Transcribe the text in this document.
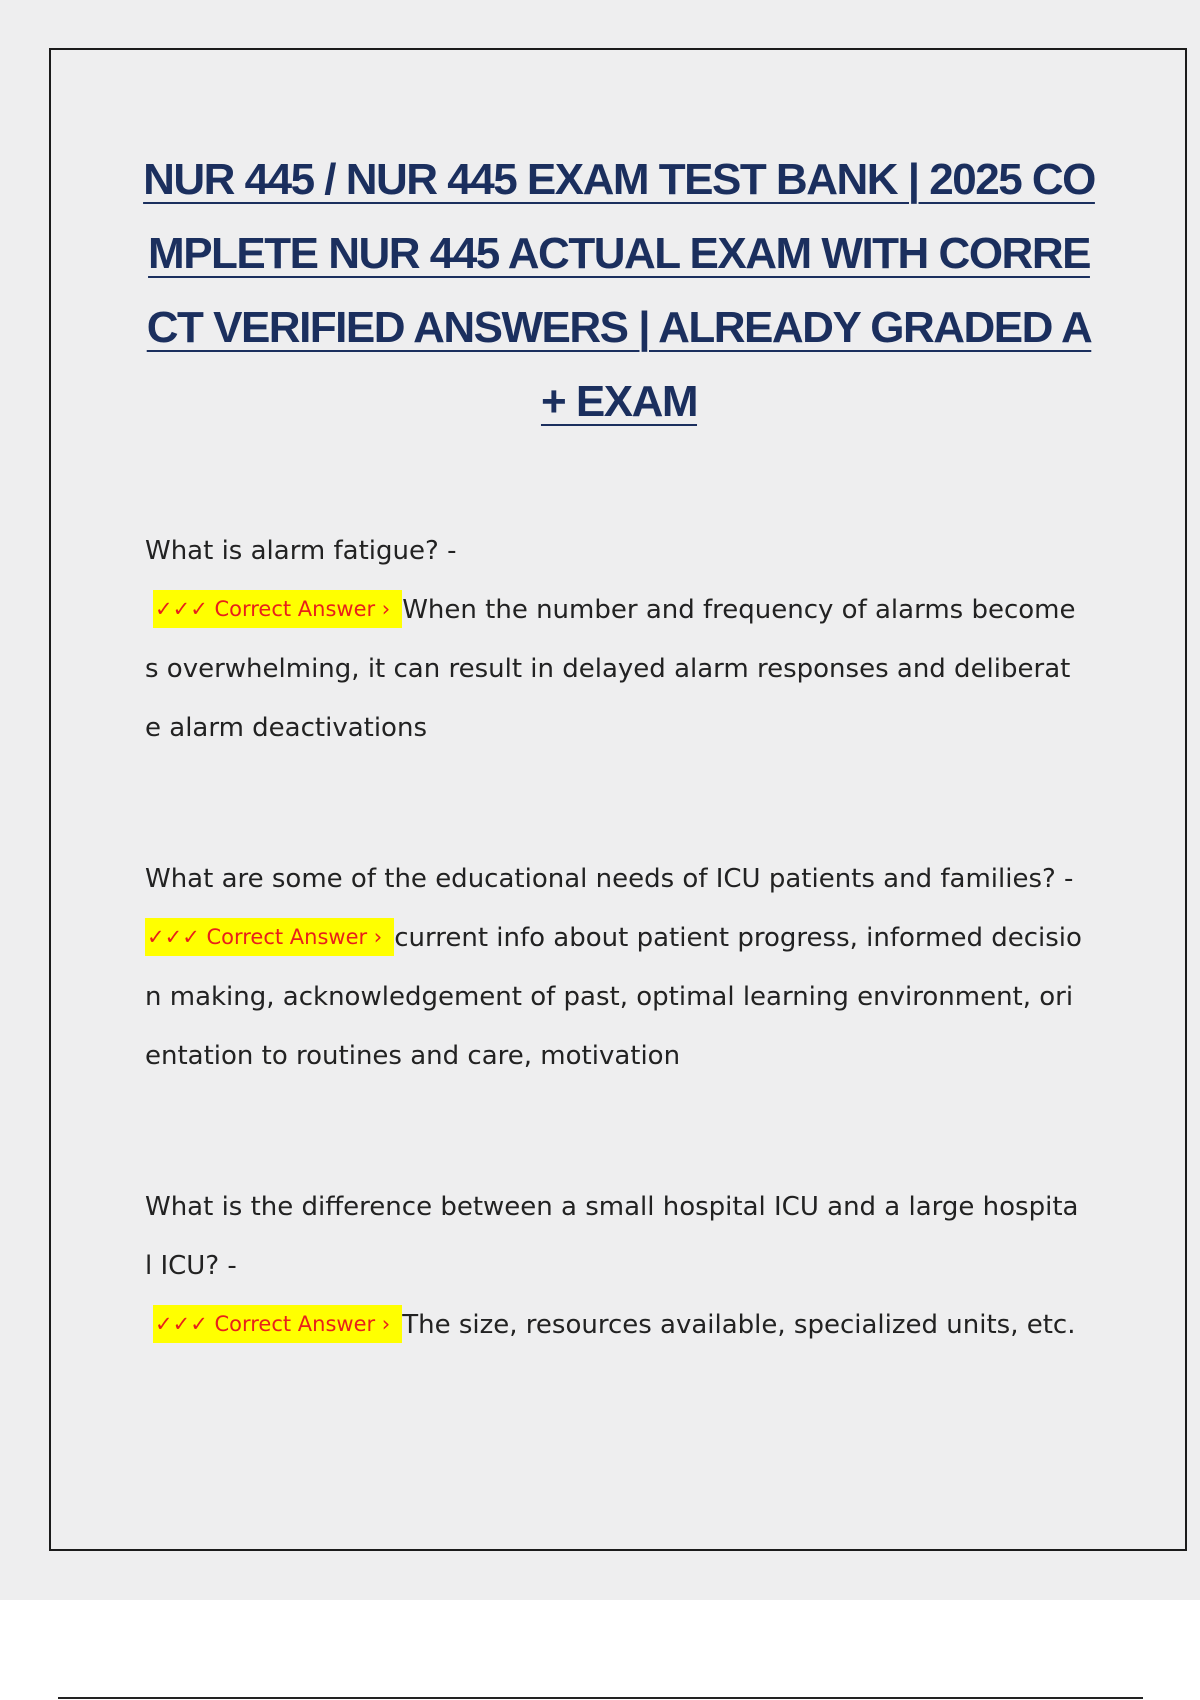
NUR 445 / NUR 445 EXAM TEST BANK | 2025 COMPLETE NUR 445 ACTUAL EXAM WITH CORRECT VERIFIED ANSWERS | ALREADY GRADED A+ EXAM

What is alarm fatigue? -

✓✓✓ Correct Answer › When the number and frequency of alarms becomes overwhelming, it can result in delayed alarm responses and deliberate alarm deactivations

What are some of the educational needs of ICU patients and families? -

✓✓✓ Correct Answer › current info about patient progress, informed decision making, acknowledgement of past, optimal learning environment, orientation to routines and care, motivation

What is the difference between a small hospital ICU and a large hospital ICU? -

✓✓✓ Correct Answer › The size, resources available, specialized units, etc.
